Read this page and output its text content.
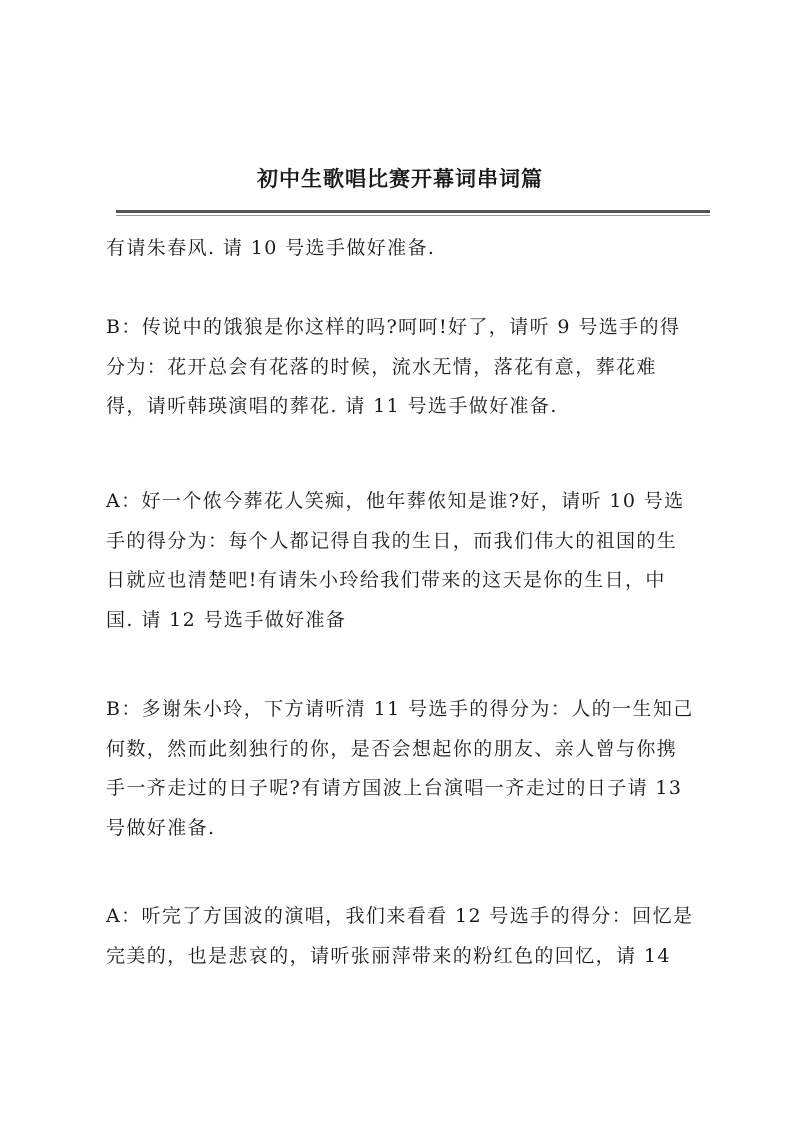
初中生歌唱比赛开幕词串词篇
有请朱春风. 请 10 号选手做好准备.
B：传说中的饿狼是你这样的吗?呵呵!好了，请听 9 号选手的得
分为：花开总会有花落的时候，流水无情，落花有意，葬花难
得，请听韩瑛演唱的葬花. 请 11 号选手做好准备.
A：好一个侬今葬花人笑痴，他年葬侬知是谁?好，请听 10 号选
手的得分为：每个人都记得自我的生日，而我们伟大的祖国的生
日就应也清楚吧!有请朱小玲给我们带来的这天是你的生日，中
国. 请 12 号选手做好准备
B：多谢朱小玲，下方请听清 11 号选手的得分为：人的一生知己
何数，然而此刻独行的你，是否会想起你的朋友、亲人曾与你携
手一齐走过的日子呢?有请方国波上台演唱一齐走过的日子请 13
号做好准备.
A：听完了方国波的演唱，我们来看看 12 号选手的得分：回忆是
完美的，也是悲哀的，请听张丽萍带来的粉红色的回忆，请 14
